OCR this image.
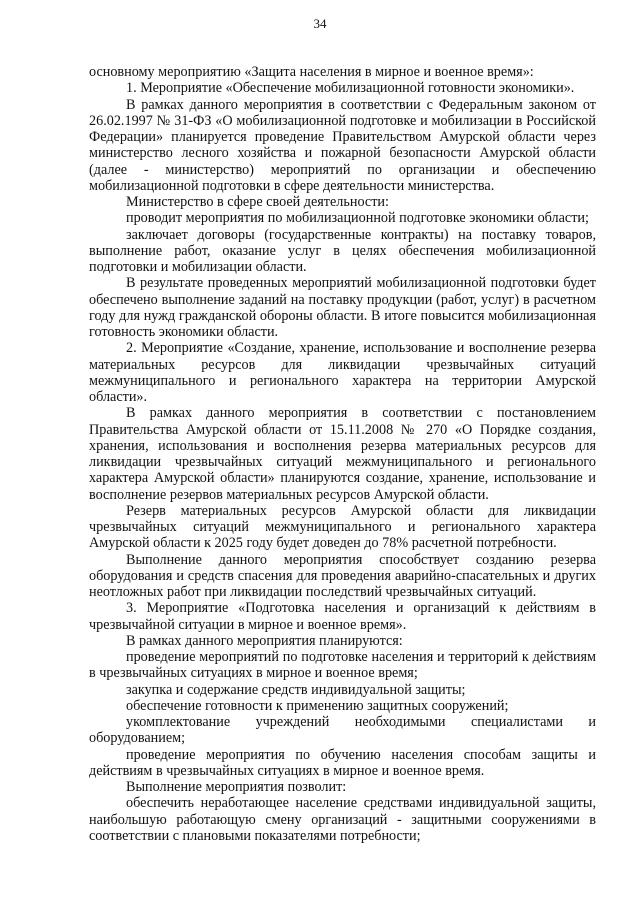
34

основному мероприятию «Защита населения в мирное и военное время»:

1. Мероприятие «Обеспечение мобилизационной готовности экономики».

В рамках данного мероприятия в соответствии с Федеральным законом от 26.02.1997 № 31-ФЗ «О мобилизационной подготовке и мобилизации в Российской Федерации» планируется проведение Правительством Амурской области через министерство лесного хозяйства и пожарной безопасности Амурской области (далее - министерство) мероприятий по организации и обеспечению мобилизационной подготовки в сфере деятельности министерства.

Министерство в сфере своей деятельности:

проводит мероприятия по мобилизационной подготовке экономики области;

заключает договоры (государственные контракты) на поставку товаров, выполнение работ, оказание услуг в целях обеспечения мобилизационной подготовки и мобилизации области.

В результате проведенных мероприятий мобилизационной подготовки будет обеспечено выполнение заданий на поставку продукции (работ, услуг) в расчетном году для нужд гражданской обороны области. В итоге повысится мобилизационная готовность экономики области.

2. Мероприятие «Создание, хранение, использование и восполнение резерва материальных ресурсов для ликвидации чрезвычайных ситуаций межмуниципального и регионального характера на территории Амурской области».

В рамках данного мероприятия в соответствии с постановлением Правительства Амурской области от 15.11.2008 № 270 «О Порядке создания, хранения, использования и восполнения резерва материальных ресурсов для ликвидации чрезвычайных ситуаций межмуниципального и регионального характера Амурской области» планируются создание, хранение, использование и восполнение резервов материальных ресурсов Амурской области.

Резерв материальных ресурсов Амурской области для ликвидации чрезвычайных ситуаций межмуниципального и регионального характера Амурской области к 2025 году будет доведен до 78% расчетной потребности.

Выполнение данного мероприятия способствует созданию резерва оборудования и средств спасения для проведения аварийно-спасательных и других неотложных работ при ликвидации последствий чрезвычайных ситуаций.

3. Мероприятие «Подготовка населения и организаций к действиям в чрезвычайной ситуации в мирное и военное время».

В рамках данного мероприятия планируются:

проведение мероприятий по подготовке населения и территорий к действиям в чрезвычайных ситуациях в мирное и военное время;

закупка и содержание средств индивидуальной защиты;

обеспечение готовности к применению защитных сооружений;

укомплектование учреждений необходимыми специалистами и оборудованием;

проведение мероприятия по обучению населения способам защиты и действиям в чрезвычайных ситуациях в мирное и военное время.

Выполнение мероприятия позволит:

обеспечить неработающее население средствами индивидуальной защиты, наибольшую работающую смену организаций - защитными сооружениями в соответствии с плановыми показателями потребности;
